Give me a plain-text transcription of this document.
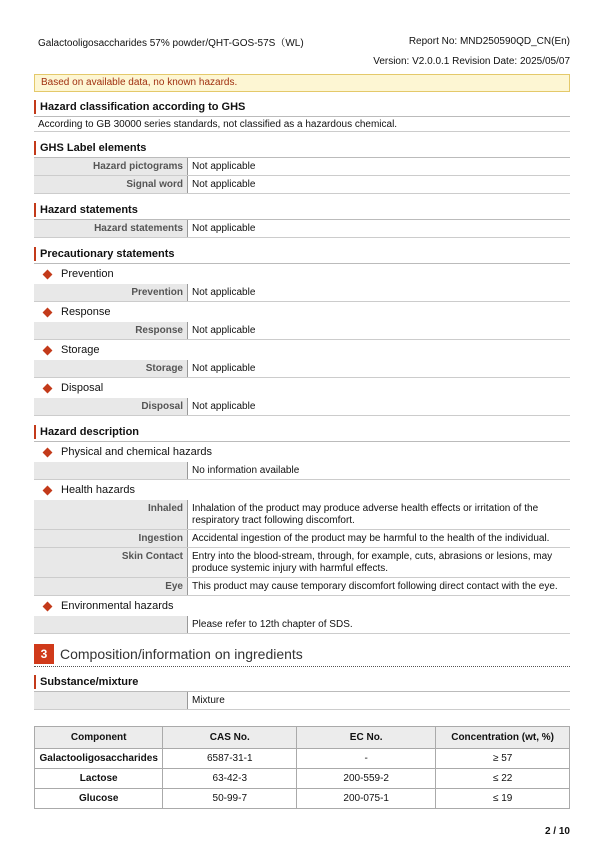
Galactooligosaccharides 57% powder/QHT-GOS-57S（WL)	Report No: MND250590QD_CN(En)
Version: V2.0.0.1 Revision Date: 2025/05/07
Based on available data, no known hazards.
Hazard classification according to GHS
According to GB 30000 series standards, not classified as a hazardous chemical.
GHS Label elements
Hazard pictograms Not applicable
Signal word Not applicable
Hazard statements
Hazard statements Not applicable
Precautionary statements
Prevention
Prevention Not applicable
Response
Response Not applicable
Storage
Storage Not applicable
Disposal
Disposal Not applicable
Hazard description
Physical and chemical hazards
No information available
Health hazards
Inhaled Inhalation of the product may produce adverse health effects or irritation of the respiratory tract following discomfort.
Ingestion Accidental ingestion of the product may be harmful to the health of the individual.
Skin Contact Entry into the blood-stream, through, for example, cuts, abrasions or lesions, may produce systemic injury with harmful effects.
Eye This product may cause temporary discomfort following direct contact with the eye.
Environmental hazards
Please refer to 12th chapter of SDS.
3 Composition/information on ingredients
Substance/mixture
Mixture
Component	CAS No.	EC No.	Concentration (wt, %)
Galactooligosaccharides	6587-31-1	-	≥ 57
Lactose	63-42-3	200-559-2	≤ 22
Glucose	50-99-7	200-075-1	≤ 19
2 / 10
